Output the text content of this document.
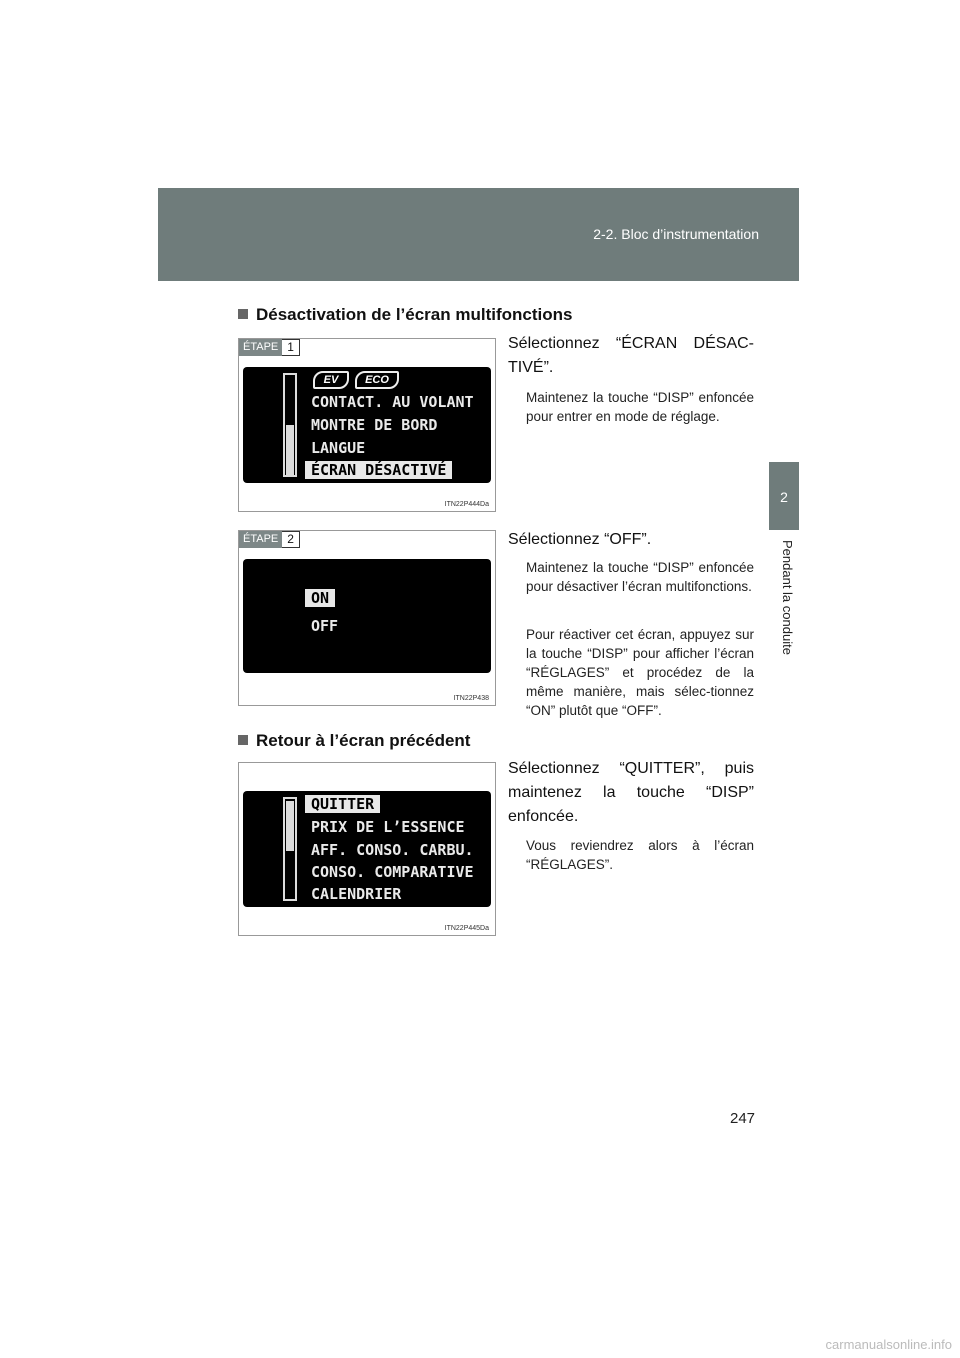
2-2. Bloc d’instrumentation
2
Pendant la conduite
Désactivation de l’écran multifonctions
ÉTAPE 1
EV	ECO
CONTACT. AU VOLANT
MONTRE DE BORD
LANGUE
ÉCRAN DÉSACTIVÉ
ITN22P444Da
Sélectionnez “ÉCRAN DÉSAC-TIVÉ”.
Maintenez la touche “DISP” enfoncée pour entrer en mode de réglage.
ÉTAPE 2
ON
OFF
ITN22P438
Sélectionnez “OFF”.
Maintenez la touche “DISP” enfoncée pour désactiver l’écran multifonctions.
Pour réactiver cet écran, appuyez sur la touche “DISP” pour afficher l’écran “RÉGLAGES” et procédez de la même manière, mais sélec-tionnez “ON” plutôt que “OFF”.
Retour à l’écran précédent
QUITTER
PRIX DE L’ESSENCE
AFF. CONSO. CARBU.
CONSO. COMPARATIVE
CALENDRIER
ITN22P445Da
Sélectionnez “QUITTER”, puis maintenez la touche “DISP” enfoncée.
Vous reviendrez alors à l’écran “RÉGLAGES”.
247
carmanualsonline.info
